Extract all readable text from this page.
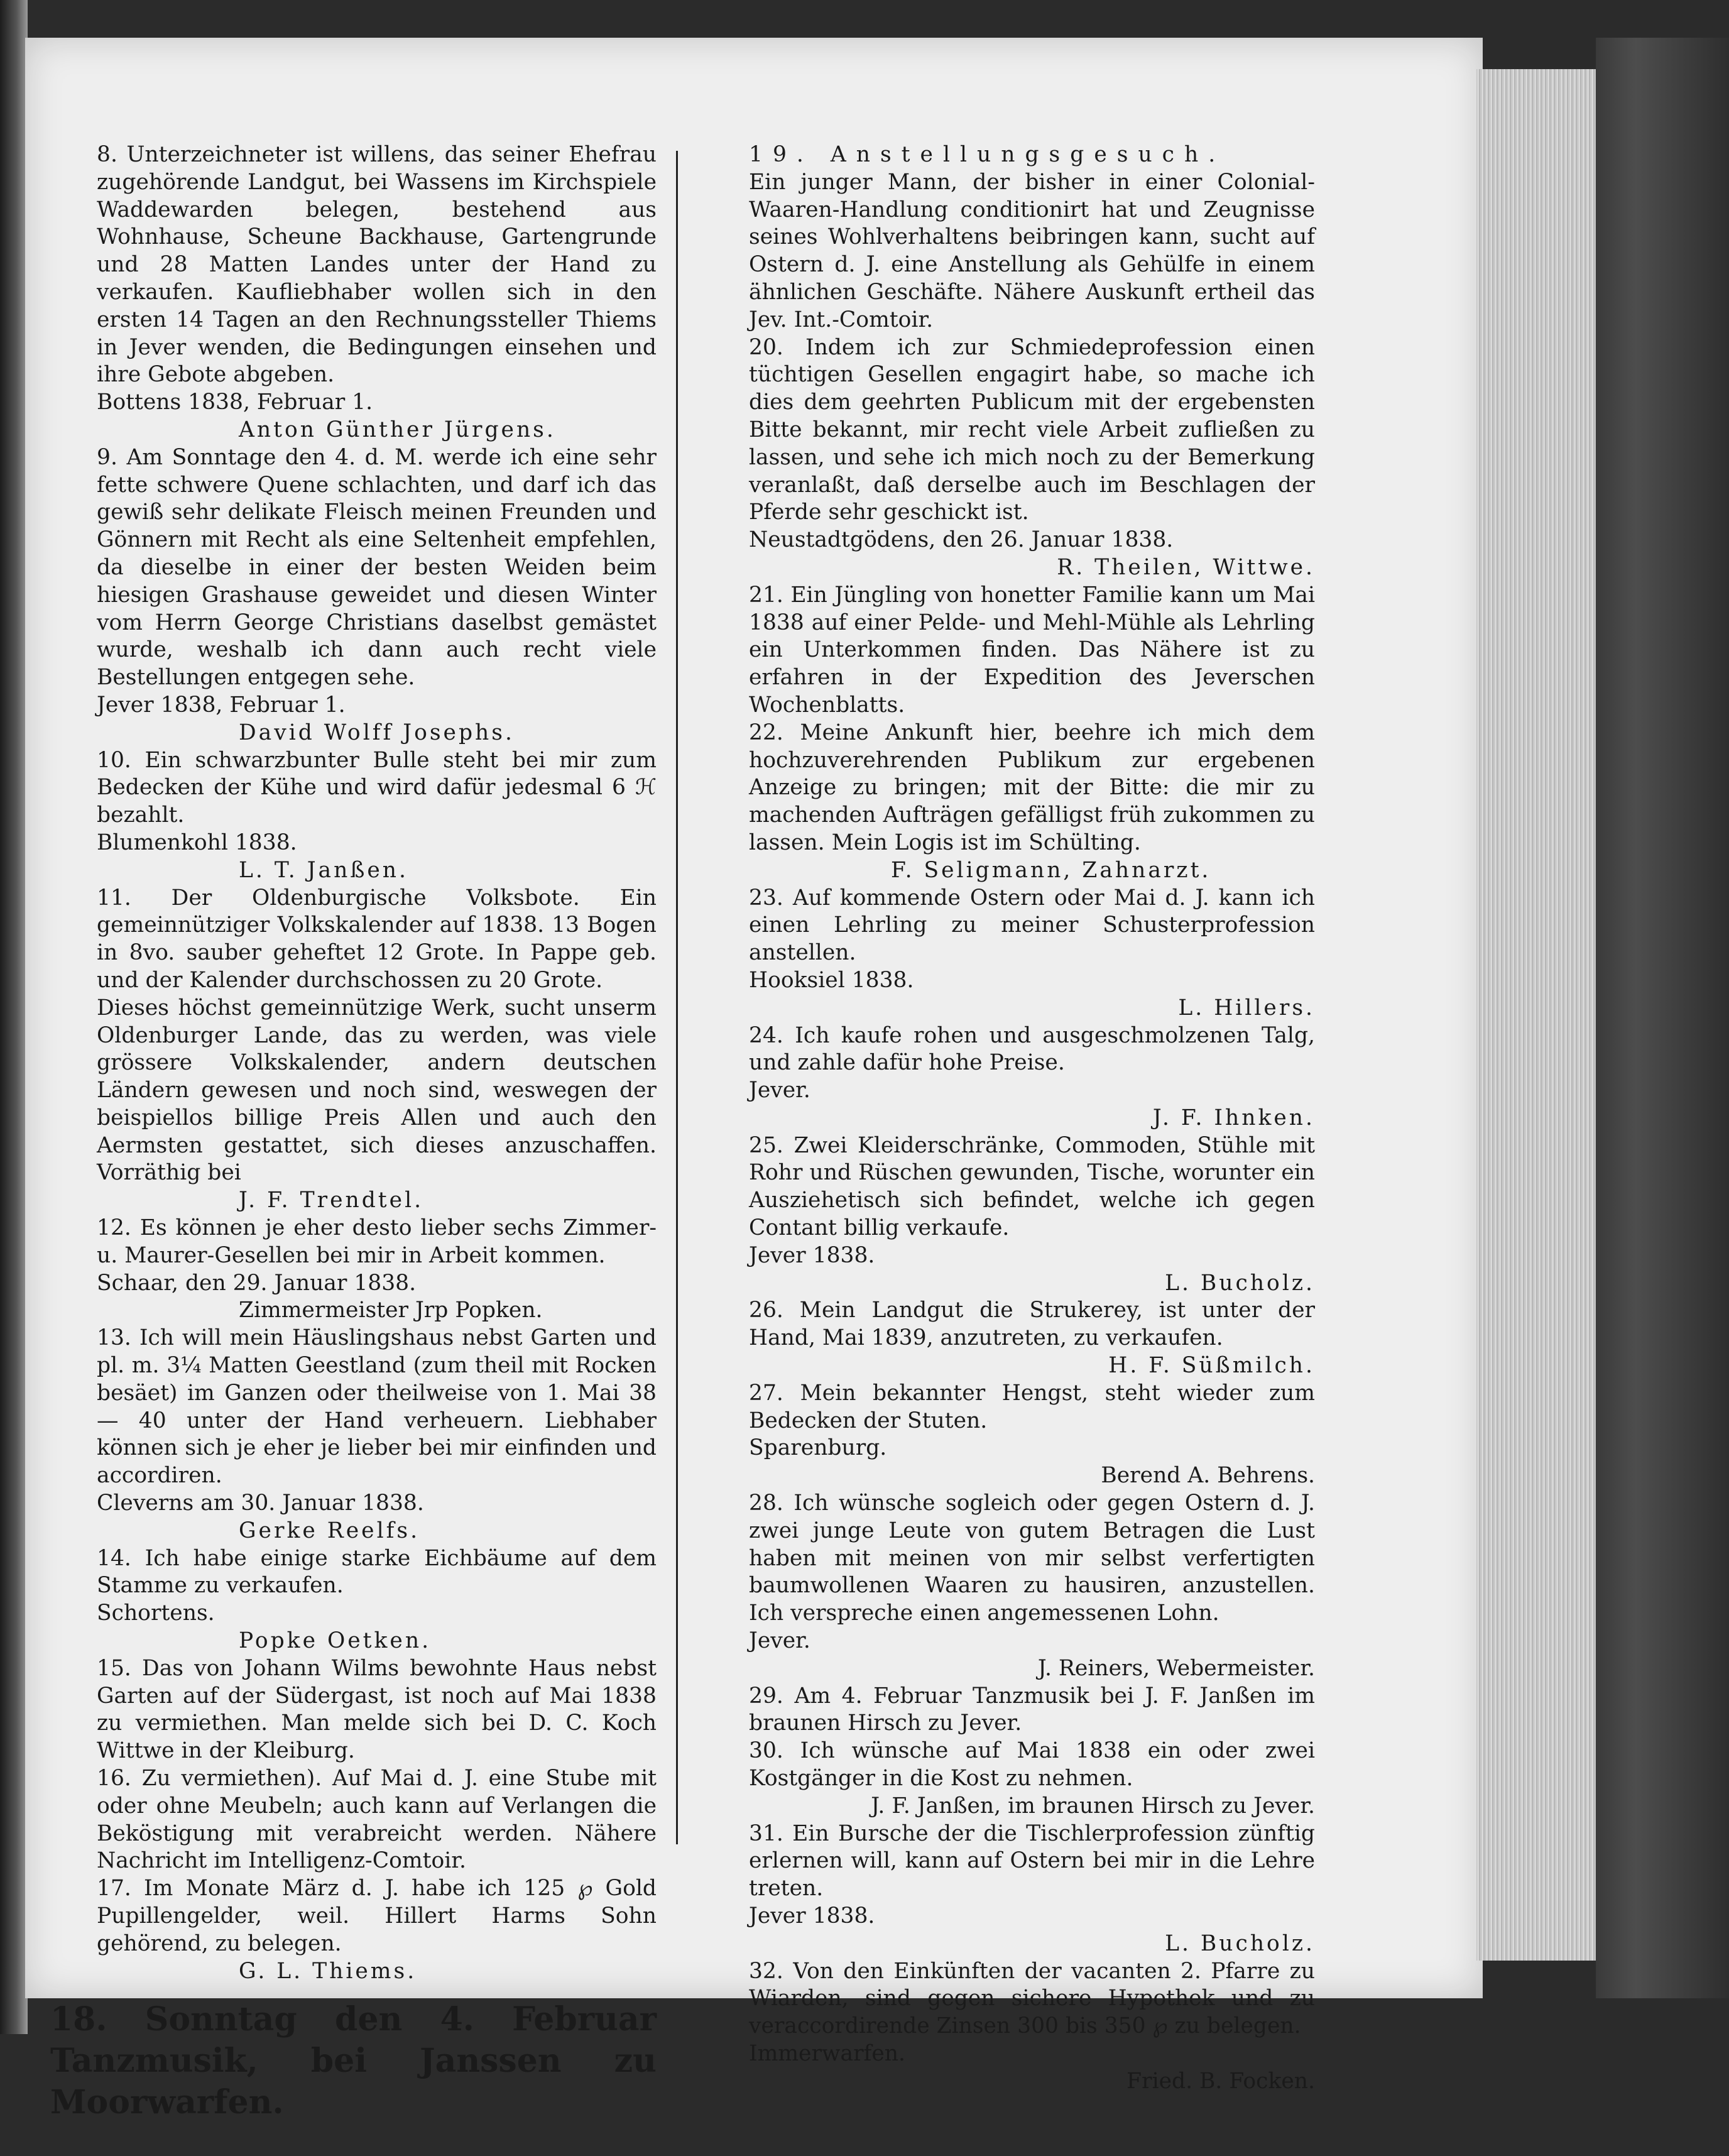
8. Unterzeichneter ist willens, das seiner Ehefrau zugehörende Landgut, bei Wassens im Kirchspiele Waddewarden belegen, bestehend aus Wohnhause, Scheune Backhause, Gartengrunde und 28 Matten Landes unter der Hand zu verkaufen. Kaufliebhaber wollen sich in den ersten 14 Tagen an den Rechnungssteller Thiems in Jever wenden, die Bedingungen einsehen und ihre Gebote abgeben.

Bottens 1838, Februar 1.

Anton Günther Jürgens.

9. Am Sonntage den 4. d. M. werde ich eine sehr fette schwere Quene schlachten, und darf ich das gewiß sehr delikate Fleisch meinen Freunden und Gönnern mit Recht als eine Seltenheit empfehlen, da dieselbe in einer der besten Weiden beim hiesigen Grashause geweidet und diesen Winter vom Herrn George Christians daselbst gemästet wurde, weshalb ich dann auch recht viele Bestellungen entgegen sehe.

Jever 1838, Februar 1.

David Wolff Josephs.

10. Ein schwarzbunter Bulle steht bei mir zum Bedecken der Kühe und wird dafür jedesmal 6 ℋ bezahlt.

Blumenkohl 1838.

L. T. Janßen.

11. Der Oldenburgische Volksbote. Ein gemeinnütziger Volkskalender auf 1838. 13 Bogen in 8vo. sauber geheftet 12 Grote. In Pappe geb. und der Kalender durchschossen zu 20 Grote.

Dieses höchst gemeinnützige Werk, sucht unserm Oldenburger Lande, das zu werden, was viele grössere Volkskalender, andern deutschen Ländern gewesen und noch sind, weswegen der beispiellos billige Preis Allen und auch den Aermsten gestattet, sich dieses anzuschaffen. Vorräthig bei

J. F. Trendtel.

12. Es können je eher desto lieber sechs Zimmer- u. Maurer-Gesellen bei mir in Arbeit kommen.

Schaar, den 29. Januar 1838.

Zimmermeister Jrp Popken.

13. Ich will mein Häuslingshaus nebst Garten und pl. m. 3¼ Matten Geestland (zum theil mit Rocken besäet) im Ganzen oder theilweise von 1. Mai 38 — 40 unter der Hand verheuern. Liebhaber können sich je eher je lieber bei mir einfinden und accordiren.

Cleverns am 30. Januar 1838.

Gerke Reelfs.

14. Ich habe einige starke Eichbäume auf dem Stamme zu verkaufen.

Schortens.

Popke Oetken.

15. Das von Johann Wilms bewohnte Haus nebst Garten auf der Südergast, ist noch auf Mai 1838 zu vermiethen. Man melde sich bei D. C. Koch Wittwe in der Kleiburg.

16. Zu vermiethen). Auf Mai d. J. eine Stube mit oder ohne Meubeln; auch kann auf Verlangen die Beköstigung mit verabreicht werden. Nähere Nachricht im Intelligenz-Comtoir.

17. Im Monate März d. J. habe ich 125 ℘ Gold Pupillengelder, weil. Hillert Harms Sohn gehörend, zu belegen.

G. L. Thiems.

18. Sonntag den 4. Februar Tanzmusik, bei Janssen zu Moorwarfen.

19. Anstellungsgesuch.

Ein junger Mann, der bisher in einer Colonial-Waaren-Handlung conditionirt hat und Zeugnisse seines Wohlverhaltens beibringen kann, sucht auf Ostern d. J. eine Anstellung als Gehülfe in einem ähnlichen Geschäfte. Nähere Auskunft ertheil das Jev. Int.-Comtoir.

20. Indem ich zur Schmiedeprofession einen tüchtigen Gesellen engagirt habe, so mache ich dies dem geehrten Publicum mit der ergebensten Bitte bekannt, mir recht viele Arbeit zufließen zu lassen, und sehe ich mich noch zu der Bemerkung veranlaßt, daß derselbe auch im Beschlagen der Pferde sehr geschickt ist.

Neustadtgödens, den 26. Januar 1838.

R. Theilen, Wittwe.

21. Ein Jüngling von honetter Familie kann um Mai 1838 auf einer Pelde- und Mehl-Mühle als Lehrling ein Unterkommen finden. Das Nähere ist zu erfahren in der Expedition des Jeverschen Wochenblatts.

22. Meine Ankunft hier, beehre ich mich dem hochzuverehrenden Publikum zur ergebenen Anzeige zu bringen; mit der Bitte: die mir zu machenden Aufträgen gefälligst früh zukommen zu lassen. Mein Logis ist im Schülting.

F. Seligmann, Zahnarzt.

23. Auf kommende Ostern oder Mai d. J. kann ich einen Lehrling zu meiner Schusterprofession anstellen.

Hooksiel 1838.

L. Hillers.

24. Ich kaufe rohen und ausgeschmolzenen Talg, und zahle dafür hohe Preise.

Jever.

J. F. Ihnken.

25. Zwei Kleiderschränke, Commoden, Stühle mit Rohr und Rüschen gewunden, Tische, worunter ein Ausziehetisch sich befindet, welche ich gegen Contant billig verkaufe.

Jever 1838.

L. Bucholz.

26. Mein Landgut die Strukerey, ist unter der Hand, Mai 1839, anzutreten, zu verkaufen.

H. F. Süßmilch.

27. Mein bekannter Hengst, steht wieder zum Bedecken der Stuten.

Sparenburg.

Berend A. Behrens.

28. Ich wünsche sogleich oder gegen Ostern d. J. zwei junge Leute von gutem Betragen die Lust haben mit meinen von mir selbst verfertigten baumwollenen Waaren zu hausiren, anzustellen. Ich verspreche einen angemessenen Lohn.

Jever.

J. Reiners, Webermeister.

29. Am 4. Februar Tanzmusik bei J. F. Janßen im braunen Hirsch zu Jever.

30. Ich wünsche auf Mai 1838 ein oder zwei Kostgänger in die Kost zu nehmen.

J. F. Janßen, im braunen Hirsch zu Jever.

31. Ein Bursche der die Tischlerprofession zünftig erlernen will, kann auf Ostern bei mir in die Lehre treten.

Jever 1838.

L. Bucholz.

32. Von den Einkünften der vacanten 2. Pfarre zu Wiarden, sind gegen sichere Hypothek und zu veraccordirende Zinsen 300 bis 350 ℘ zu belegen.

Immerwarfen.

Fried. B. Focken.
